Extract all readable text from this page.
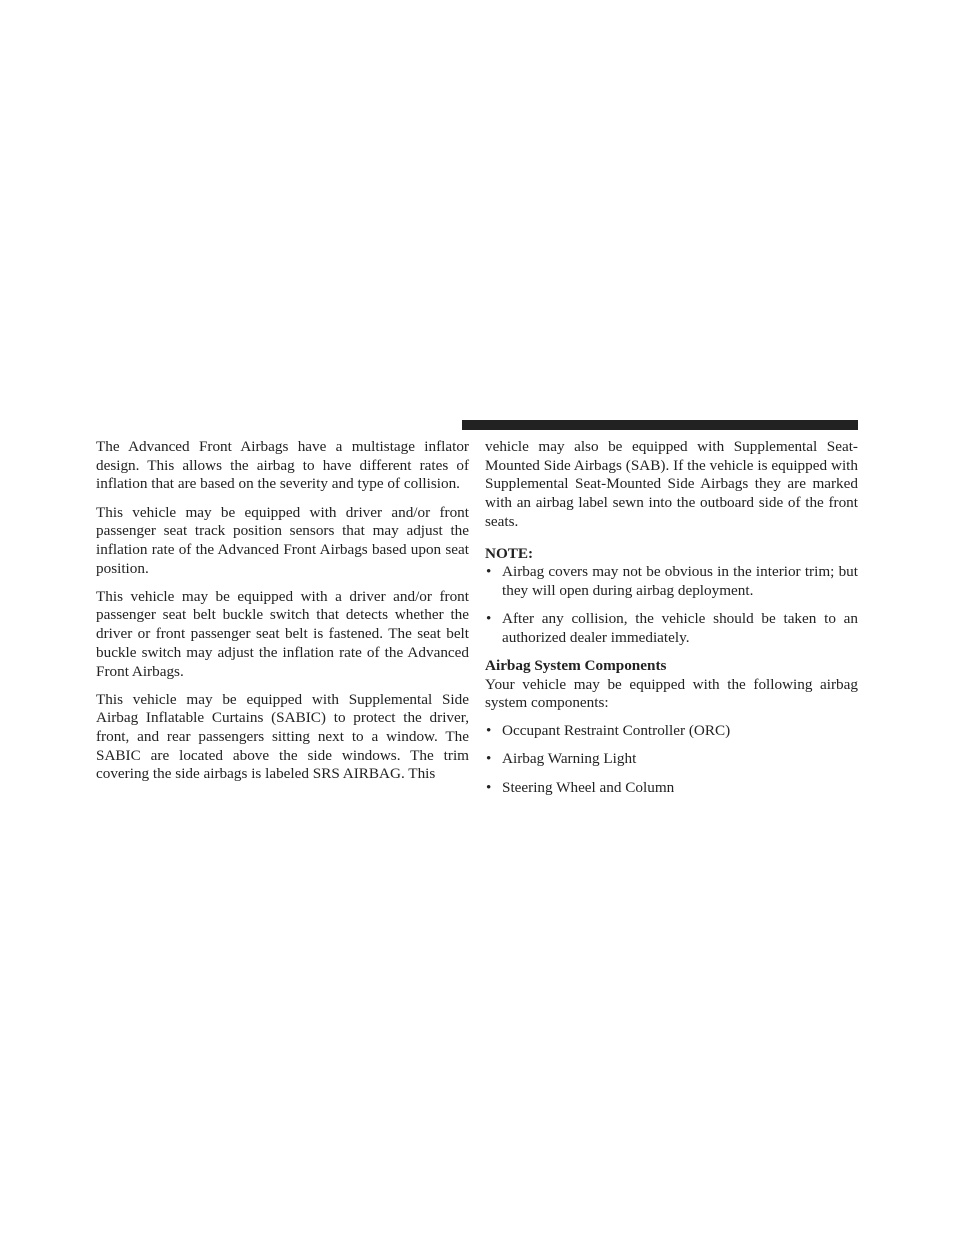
The Advanced Front Airbags have a multistage inflator design. This allows the airbag to have different rates of inflation that are based on the severity and type of collision.

This vehicle may be equipped with driver and/or front passenger seat track position sensors that may adjust the inflation rate of the Advanced Front Airbags based upon seat position.

This vehicle may be equipped with a driver and/or front passenger seat belt buckle switch that detects whether the driver or front passenger seat belt is fastened. The seat belt buckle switch may adjust the inflation rate of the Advanced Front Airbags.

This vehicle may be equipped with Supplemental Side Airbag Inflatable Curtains (SABIC) to protect the driver, front, and rear passengers sitting next to a window. The SABIC are located above the side windows. The trim covering the side airbags is labeled SRS AIRBAG. This

vehicle may also be equipped with Supplemental Seat-Mounted Side Airbags (SAB). If the vehicle is equipped with Supplemental Seat-Mounted Side Airbags they are marked with an airbag label sewn into the outboard side of the front seats.

NOTE:
• Airbag covers may not be obvious in the interior trim; but they will open during airbag deployment.
• After any collision, the vehicle should be taken to an authorized dealer immediately.
Airbag System Components

Your vehicle may be equipped with the following airbag system components:

• Occupant Restraint Controller (ORC)
• Airbag Warning Light
• Steering Wheel and Column
